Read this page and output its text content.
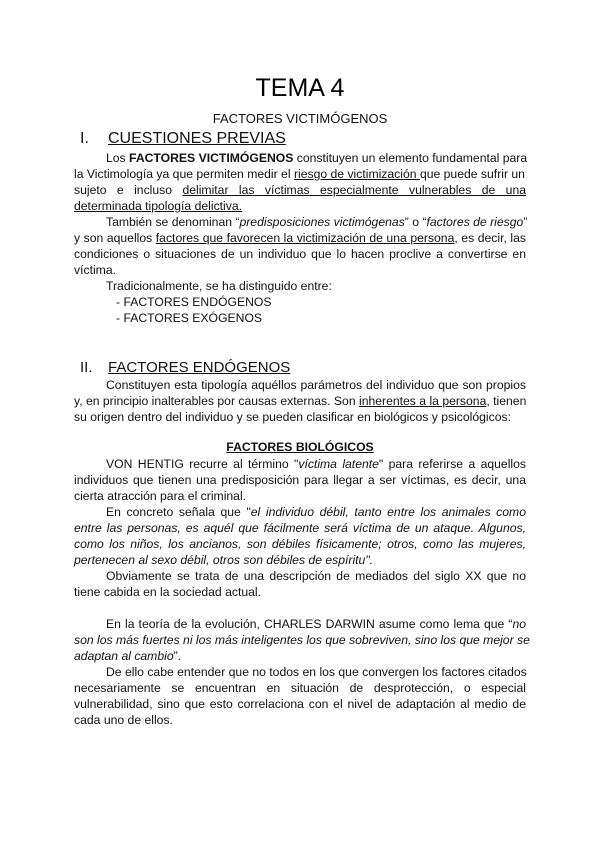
TEMA 4
FACTORES VICTIMÓGENOS
I. CUESTIONES PREVIAS
Los FACTORES VICTIMÓGENOS constituyen un elemento fundamental para
la Victimología ya que permiten medir el riesgo de victimización que puede sufrir un
sujeto e incluso delimitar las víctimas especialmente vulnerables de una
determinada tipología delictiva.
También se denominan “predisposiciones victimógenas” o “factores de riesgo”
y son aquellos factores que favorecen la victimización de una persona, es decir, las
condiciones o situaciones de un individuo que lo hacen proclive a convertirse en
víctima.
Tradicionalmente, se ha distinguido entre:
- FACTORES ENDÓGENOS
- FACTORES EXÓGENOS
II. FACTORES ENDÓGENOS
Constituyen esta tipología aquéllos parámetros del individuo que son propios
y, en principio inalterables por causas externas. Son inherentes a la persona, tienen
su origen dentro del individuo y se pueden clasificar en biológicos y psicológicos:
FACTORES BIOLÓGICOS
VON HENTIG recurre al término "víctima latente" para referirse a aquellos
individuos que tienen una predisposición para llegar a ser víctimas, es decir, una
cierta atracción para el criminal.
En concreto señala que "el individuo débil, tanto entre los animales como
entre las personas, es aquél que fácilmente será víctima de un ataque. Algunos,
como los niños, los ancianos, son débiles físicamente; otros, como las mujeres,
pertenecen al sexo débil, otros son débiles de espíritu".
Obviamente se trata de una descripción de mediados del siglo XX que no
tiene cabida en la sociedad actual.
En la teoría de la evolución, CHARLES DARWIN asume como lema que “no
son los más fuertes ni los más inteligentes los que sobreviven, sino los que mejor se
adaptan al cambio”.
De ello cabe entender que no todos en los que convergen los factores citados
necesariamente se encuentran en situación de desprotección, o especial
vulnerabilidad, sino que esto correlaciona con el nivel de adaptación al medio de
cada uno de ellos.
